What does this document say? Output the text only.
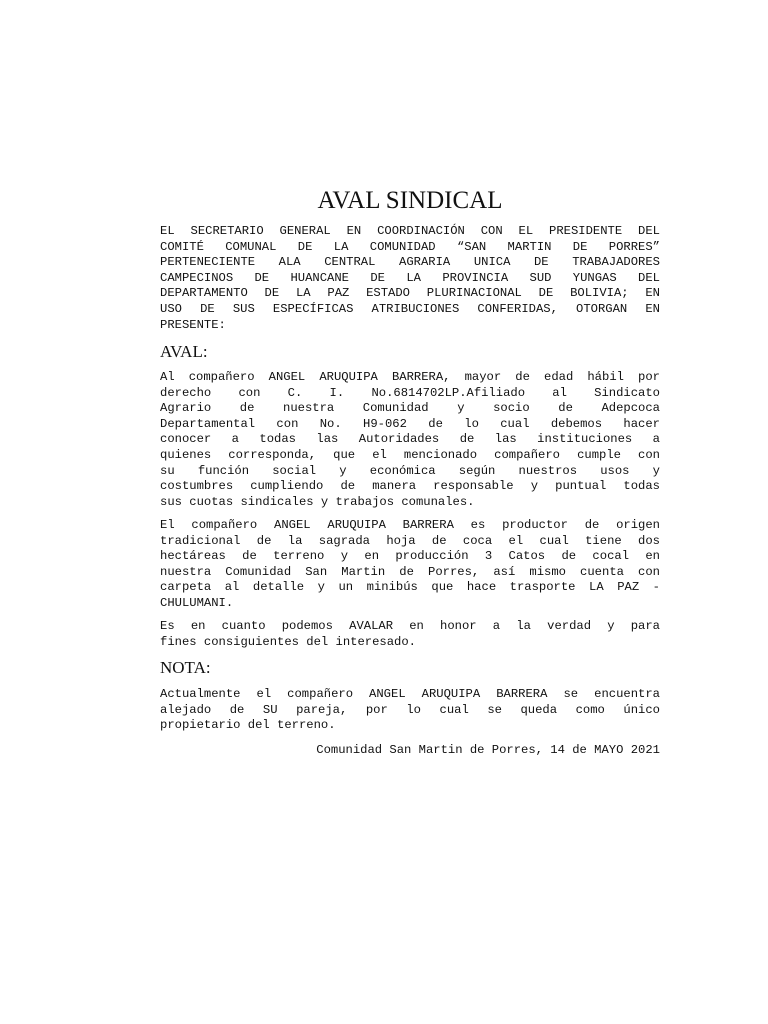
AVAL SINDICAL
EL SECRETARIO GENERAL EN COORDINACIÓN CON EL PRESIDENTE DEL
COMITÉ COMUNAL DE LA COMUNIDAD “SAN MARTIN DE PORRES”
PERTENECIENTE ALA CENTRAL AGRARIA UNICA DE TRABAJADORES
CAMPECINOS DE HUANCANE DE LA PROVINCIA SUD YUNGAS DEL
DEPARTAMENTO DE LA PAZ ESTADO PLURINACIONAL DE BOLIVIA; EN
USO DE SUS ESPECÍFICAS ATRIBUCIONES CONFERIDAS, OTORGAN EN
PRESENTE:
AVAL:
Al compañero ANGEL ARUQUIPA BARRERA, mayor de edad hábil por
derecho con C. I. No.6814702LP.Afiliado al Sindicato
Agrario de nuestra Comunidad y socio de Adepcoca
Departamental con No. H9-062 de lo cual debemos hacer
conocer a todas las Autoridades de las instituciones a
quienes corresponda, que el mencionado compañero cumple con
su función social y económica según nuestros usos y
costumbres cumpliendo de manera responsable y puntual todas
sus cuotas sindicales y trabajos comunales.
El compañero ANGEL ARUQUIPA BARRERA es productor de origen
tradicional de la sagrada hoja de coca el cual tiene dos
hectáreas de terreno y en producción 3 Catos de cocal en
nuestra Comunidad San Martin de Porres, así mismo cuenta con
carpeta al detalle y un minibús que hace trasporte LA PAZ -
CHULUMANI.
Es en cuanto podemos AVALAR en honor a la verdad y para
fines consiguientes del interesado.
NOTA:
Actualmente el compañero ANGEL ARUQUIPA BARRERA se encuentra
alejado de SU pareja, por lo cual se queda como único
propietario del terreno.

Comunidad San Martin de Porres, 14 de MAYO 2021
